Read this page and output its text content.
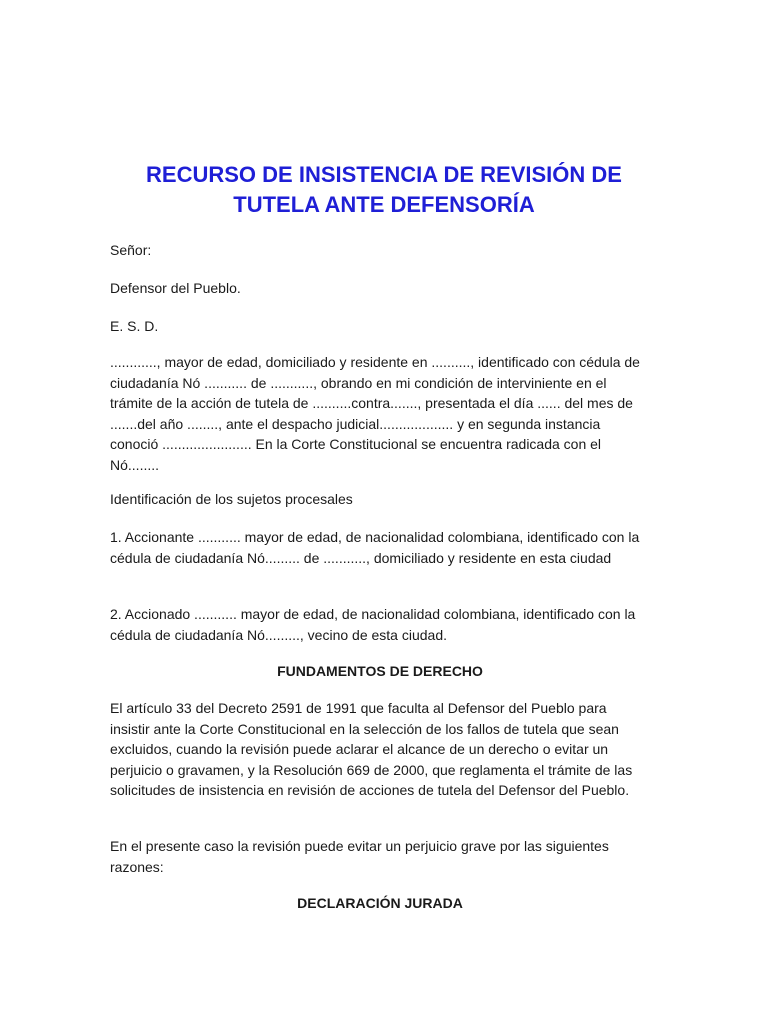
RECURSO DE INSISTENCIA DE REVISIÓN DE
TUTELA ANTE DEFENSORÍA

Señor:

Defensor del Pueblo.

E. S. D.

............, mayor de edad, domiciliado y residente en .........., identificado con cédula de ciudadanía Nó ........... de ..........., obrando en mi condición de interviniente en el trámite de la acción de tutela de ..........contra......., presentada el día ...... del mes de .......del año ........, ante el despacho judicial................... y en segunda instancia conoció ....................... En la Corte Constitucional se encuentra radicada con el Nó........

Identificación de los sujetos procesales

1. Accionante ........... mayor de edad, de nacionalidad colombiana, identificado con la cédula de ciudadanía Nó......... de ..........., domiciliado y residente en esta ciudad

2. Accionado ........... mayor de edad, de nacionalidad colombiana, identificado con la cédula de ciudadanía Nó........., vecino de esta ciudad.

FUNDAMENTOS DE DERECHO

El artículo 33 del Decreto 2591 de 1991 que faculta al Defensor del Pueblo para insistir ante la Corte Constitucional en la selección de los fallos de tutela que sean excluidos, cuando la revisión puede aclarar el alcance de un derecho o evitar un perjuicio o gravamen, y la Resolución 669 de 2000, que reglamenta el trámite de las solicitudes de insistencia en revisión de acciones de tutela del Defensor del Pueblo.

En el presente caso la revisión puede evitar un perjuicio grave por las siguientes razones:

DECLARACIÓN JURADA
